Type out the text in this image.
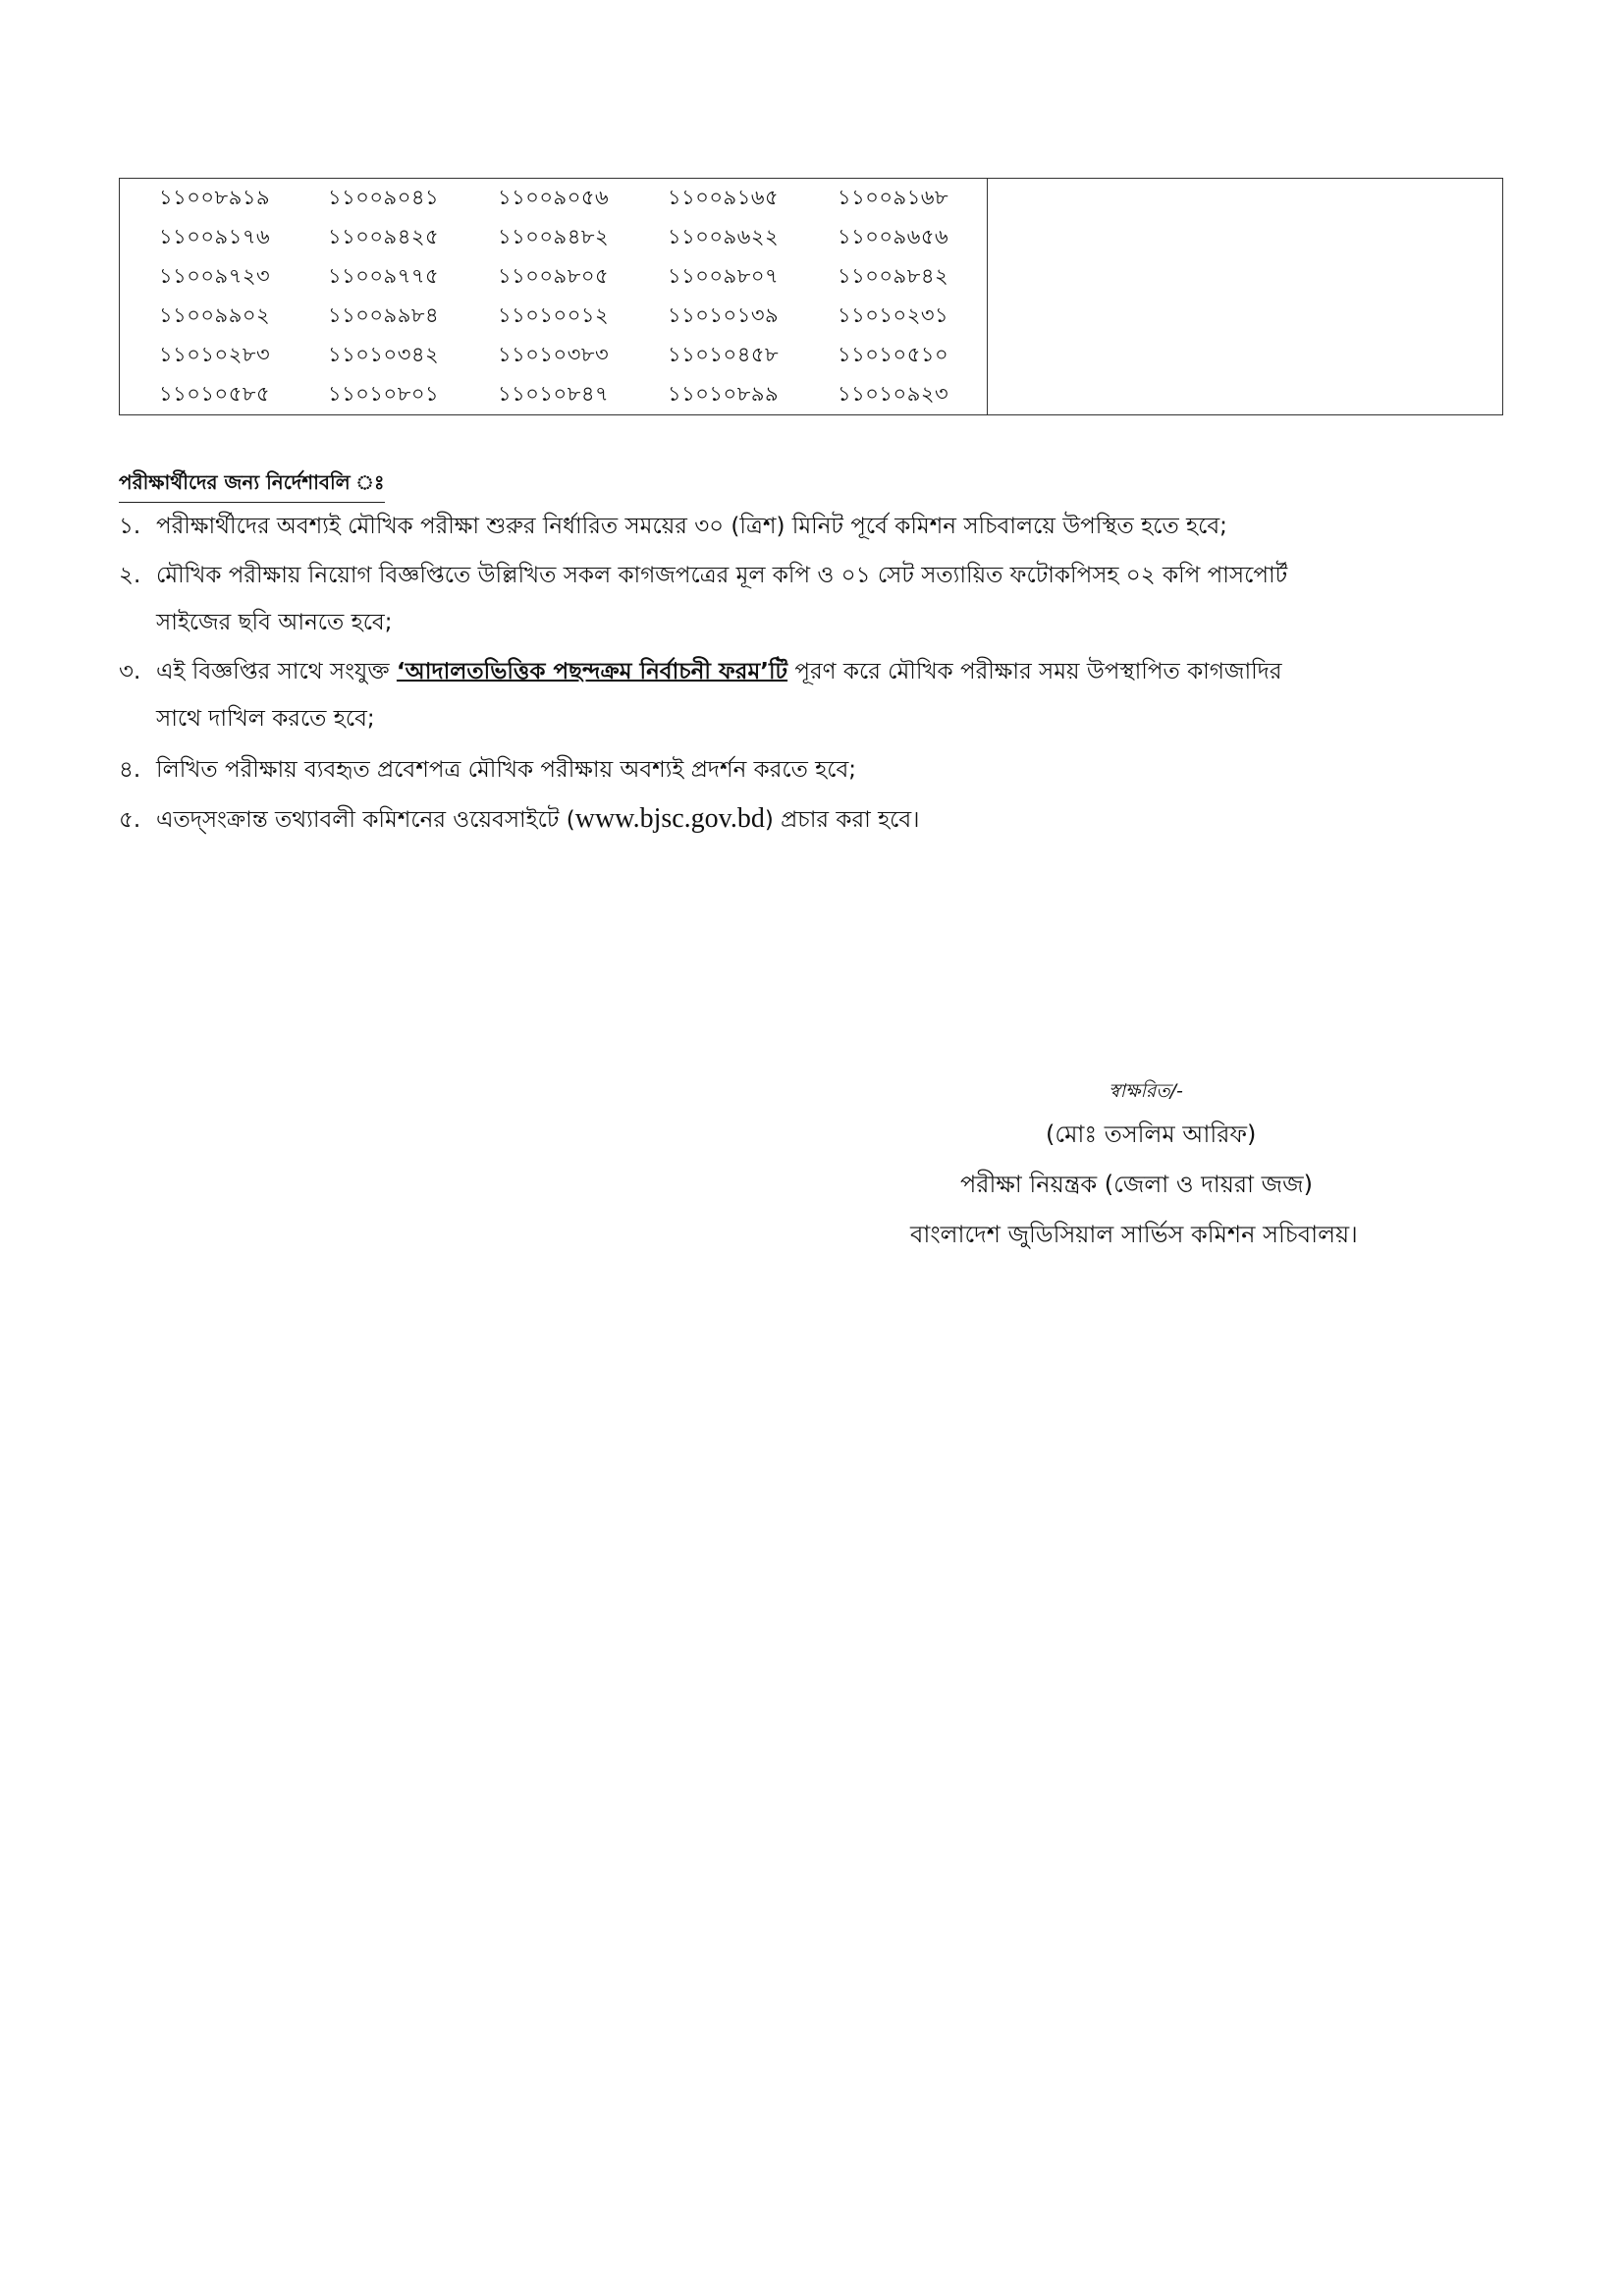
১১০০৮৯১৯	১১০০৯০৪১	১১০০৯০৫৬	১১০০৯১৬৫	১১০০৯১৬৮	
১১০০৯১৭৬	১১০০৯৪২৫	১১০০৯৪৮২	১১০০৯৬২২	১১০০৯৬৫৬	
১১০০৯৭২৩	১১০০৯৭৭৫	১১০০৯৮০৫	১১০০৯৮০৭	১১০০৯৮৪২	
১১০০৯৯০২	১১০০৯৯৮৪	১১০১০০১২	১১০১০১৩৯	১১০১০২৩১	
১১০১০২৮৩	১১০১০৩৪২	১১০১০৩৮৩	১১০১০৪৫৮	১১০১০৫১০	
১১০১০৫৮৫	১১০১০৮০১	১১০১০৮৪৭	১১০১০৮৯৯	১১০১০৯২৩	
পরীক্ষার্থীদের জন্য নির্দেশাবলি ঃ
১. পরীক্ষার্থীদের অবশ্যই মৌখিক পরীক্ষা শুরুর নির্ধারিত সময়ের ৩০ (ত্রিশ) মিনিট পূর্বে কমিশন সচিবালয়ে উপস্থিত হতে হবে;
২. মৌখিক পরীক্ষায় নিয়োগ বিজ্ঞপ্তিতে উল্লিখিত সকল কাগজপত্রের মূল কপি ও ০১ সেট সত্যায়িত ফটোকপিসহ ০২ কপি পাসপোর্ট
সাইজের ছবি আনতে হবে;
৩. এই বিজ্ঞপ্তির সাথে সংযুক্ত ‘আদালতভিত্তিক পছন্দক্রম নির্বাচনী ফরম’টি পূরণ করে মৌখিক পরীক্ষার সময় উপস্থাপিত কাগজাদির
সাথে দাখিল করতে হবে;
৪. লিখিত পরীক্ষায় ব্যবহৃত প্রবেশপত্র মৌখিক পরীক্ষায় অবশ্যই প্রদর্শন করতে হবে;
৫. এতদ্‌সংক্রান্ত তথ্যাবলী কমিশনের ওয়েবসাইটে (www.bjsc.gov.bd) প্রচার করা হবে।
স্বাক্ষরিত/-
(মোঃ তসলিম আরিফ)
পরীক্ষা নিয়ন্ত্রক (জেলা ও দায়রা জজ)
বাংলাদেশ জুডিসিয়াল সার্ভিস কমিশন সচিবালয়।
